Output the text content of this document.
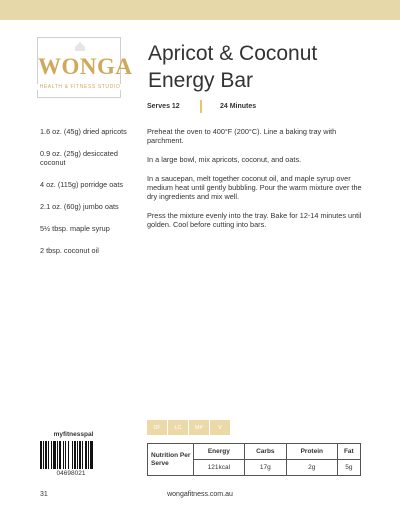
WONGA
HEALTH & FITNESS STUDIO
Apricot & Coconut
Energy Bar
Serves 12	24 Minutes
1.6 oz. (45g) dried apricots
0.9 oz. (25g) desiccated coconut
4 oz. (115g) porridge oats
2.1 oz. (60g) jumbo oats
5½ tbsp. maple syrup
2 tbsp. coconut oil
Preheat the oven to 400°F (200°C). Line a baking tray with parchment.
In a large bowl, mix apricots, coconut, and oats.
In a saucepan, melt together coconut oil, and maple syrup over medium heat until gently bubbling. Pour the warm mixture over the dry ingredients and mix well.
Press the mixture evenly into the tray. Bake for 12-14 minutes until golden. Cool before cutting into bars.
DF	LC	MP	V
myfitnesspal
04698021
Nutrition Per Serve	Energy	Carbs	Protein	Fat
	121kcal	17g	2g	5g
31	wongafitness.com.au
